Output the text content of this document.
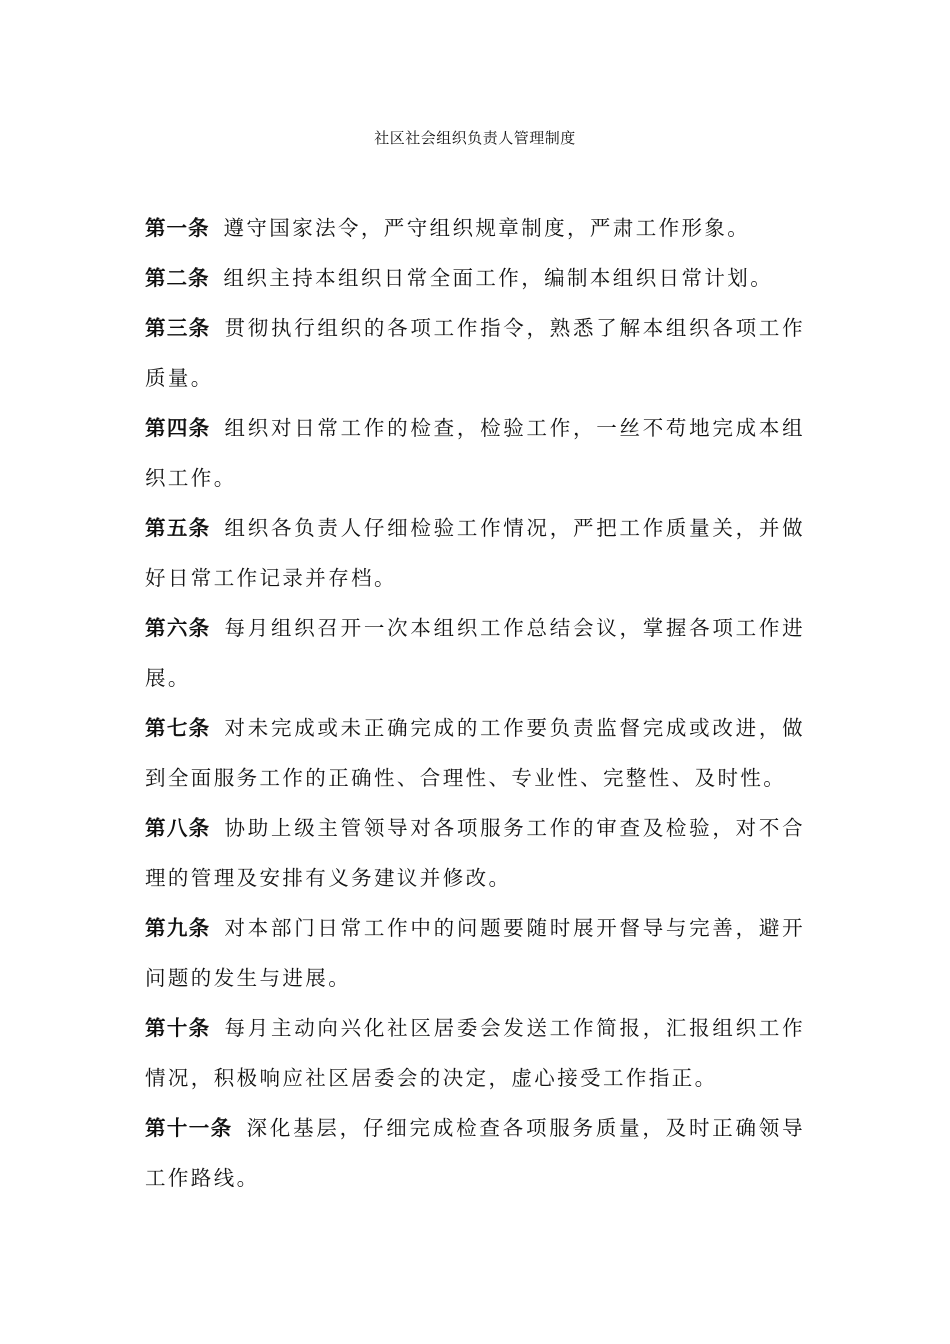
社区社会组织负责人管理制度

第一条 遵守国家法令，严守组织规章制度，严肃工作形象。

第二条 组织主持本组织日常全面工作，编制本组织日常计划。

第三条 贯彻执行组织的各项工作指令，熟悉了解本组织各项工作质量。

第四条 组织对日常工作的检查，检验工作，一丝不苟地完成本组织工作。

第五条 组织各负责人仔细检验工作情况，严把工作质量关，并做好日常工作记录并存档。

第六条 每月组织召开一次本组织工作总结会议，掌握各项工作进展。

第七条 对未完成或未正确完成的工作要负责监督完成或改进，做到全面服务工作的正确性、合理性、专业性、完整性、及时性。

第八条 协助上级主管领导对各项服务工作的审查及检验，对不合理的管理及安排有义务建议并修改。

第九条 对本部门日常工作中的问题要随时展开督导与完善，避开问题的发生与进展。

第十条 每月主动向兴化社区居委会发送工作简报，汇报组织工作情况，积极响应社区居委会的决定，虚心接受工作指正。

第十一条 深化基层，仔细完成检查各项服务质量，及时正确领导工作路线。
